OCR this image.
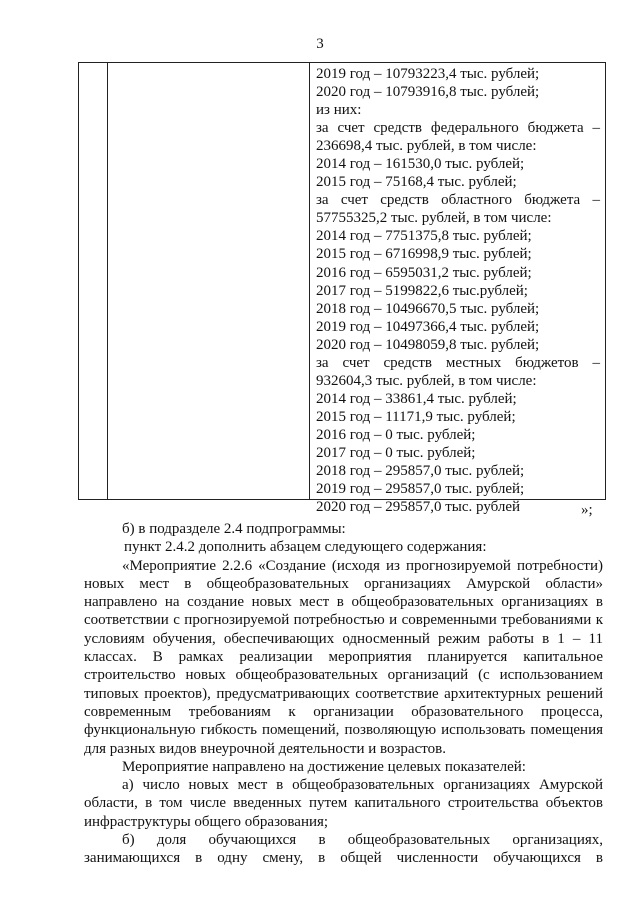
3
2019 год – 10793223,4 тыс. рублей;
2020 год – 10793916,8 тыс. рублей;
из них:
за счет средств федерального бюджета –
236698,4 тыс. рублей, в том числе:
2014 год – 161530,0 тыс. рублей;
2015 год – 75168,4 тыс. рублей;
за счет средств областного бюджета –
57755325,2 тыс. рублей, в том числе:
2014 год – 7751375,8 тыс. рублей;
2015 год – 6716998,9 тыс. рублей;
2016 год – 6595031,2 тыс. рублей;
2017 год – 5199822,6 тыс.рублей;
2018 год – 10496670,5 тыс. рублей;
2019 год – 10497366,4 тыс. рублей;
2020 год – 10498059,8 тыс. рублей;
за счет средств местных бюджетов –
932604,3 тыс. рублей, в том числе:
2014 год – 33861,4 тыс. рублей;
2015 год – 11171,9 тыс. рублей;
2016 год – 0 тыс. рублей;
2017 год – 0 тыс. рублей;
2018 год – 295857,0 тыс. рублей;
2019 год – 295857,0 тыс. рублей;
2020 год – 295857,0 тыс. рублей	»;

б) в подразделе 2.4 подпрограммы:

пункт 2.4.2 дополнить абзацем следующего содержания:

«Мероприятие 2.2.6 «Создание (исходя из прогнозируемой потребности) новых мест в общеобразовательных организациях Амурской области» направлено на создание новых мест в общеобразовательных организациях в соответствии с прогнозируемой потребностью и современными требованиями к условиям обучения, обеспечивающих односменный режим работы в 1 – 11 классах. В рамках реализации мероприятия планируется капитальное строительство новых общеобразовательных организаций (с использованием типовых проектов), предусматривающих соответствие архитектурных решений современным требованиям к организации образовательного процесса, функциональную гибкость помещений, позволяющую использовать помещения для разных видов внеурочной деятельности и возрастов.

Мероприятие направлено на достижение целевых показателей:

а) число новых мест в общеобразовательных организациях Амурской области, в том числе введенных путем капитального строительства объектов инфраструктуры общего образования;

б) доля обучающихся в общеобразовательных организациях, занимающихся в одну смену, в общей численности обучающихся в
